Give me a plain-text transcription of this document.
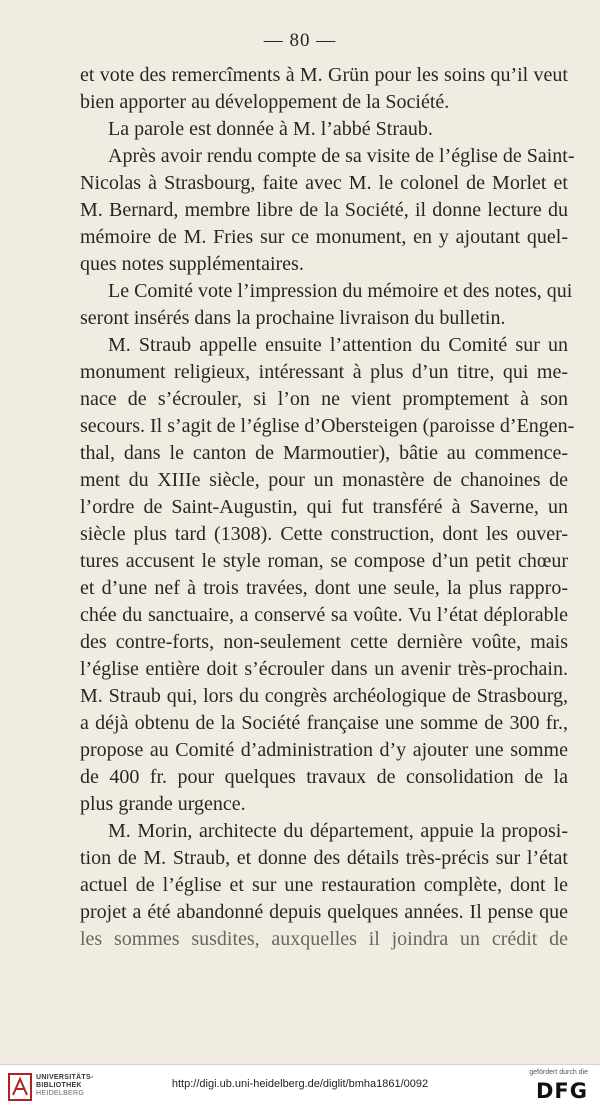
— 80 —
et vote des remercîments à M. Grün pour les soins qu’il veut
bien apporter au développement de la Société.
La parole est donnée à M. l’abbé Straub.
Après avoir rendu compte de sa visite de l’église de Saint-
Nicolas à Strasbourg, faite avec M. le colonel de Morlet et
M. Bernard, membre libre de la Société, il donne lecture du
mémoire de M. Fries sur ce monument, en y ajoutant quel-
ques notes supplémentaires.
Le Comité vote l’impression du mémoire et des notes, qui
seront insérés dans la prochaine livraison du bulletin.
M. Straub appelle ensuite l’attention du Comité sur un
monument religieux, intéressant à plus d’un titre, qui me-
nace de s’écrouler, si l’on ne vient promptement à son
secours. Il s’agit de l’église d’Obersteigen (paroisse d’Engen-
thal, dans le canton de Marmoutier), bâtie au commence-
ment du XIIIe siècle, pour un monastère de chanoines de
l’ordre de Saint-Augustin, qui fut transféré à Saverne, un
siècle plus tard (1308). Cette construction, dont les ouver-
tures accusent le style roman, se compose d’un petit chœur
et d’une nef à trois travées, dont une seule, la plus rappro-
chée du sanctuaire, a conservé sa voûte. Vu l’état déplorable
des contre-forts, non-seulement cette dernière voûte, mais
l’église entière doit s’écrouler dans un avenir très-prochain.
M. Straub qui, lors du congrès archéologique de Strasbourg,
a déjà obtenu de la Société française une somme de 300 fr.,
propose au Comité d’administration d’y ajouter une somme
de 400 fr. pour quelques travaux de consolidation de la
plus grande urgence.
M. Morin, architecte du département, appuie la proposi-
tion de M. Straub, et donne des détails très-précis sur l’état
actuel de l’église et sur une restauration complète, dont le
projet a été abandonné depuis quelques années. Il pense que
les sommes susdites, auxquelles il joindra un crédit de
UNIVERSITÄTS-
BIBLIOTHEK
HEIDELBERG
http://digi.ub.uni-heidelberg.de/diglit/bmha1861/0092
gefördert durch die
DFG
